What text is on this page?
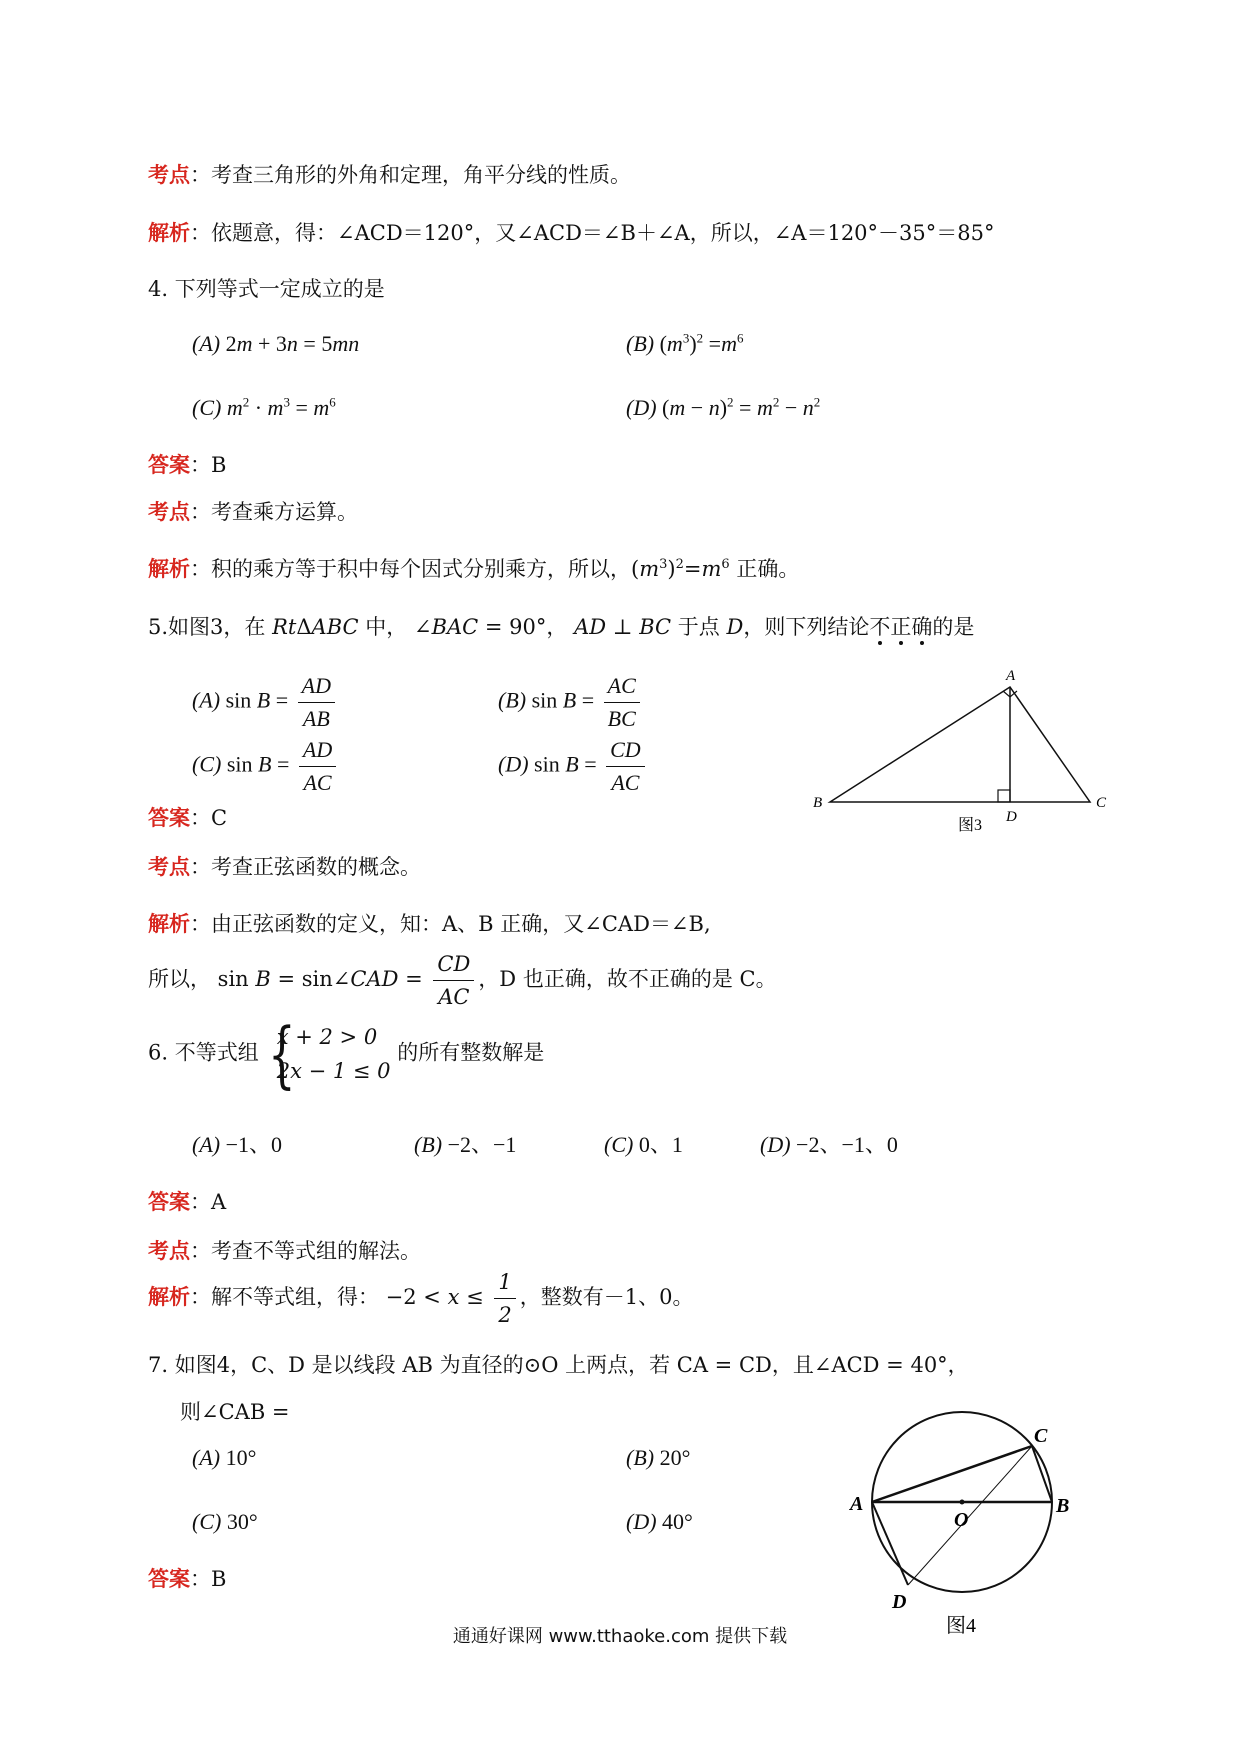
考点：考查三角形的外角和定理，角平分线的性质。
解析：依题意，得：∠ACD＝120°，又∠ACD＝∠B＋∠A，所以，∠A＝120°－35°＝85°
4. 下列等式一定成立的是
(A) 2m + 3n = 5mn	(B) $(m^3)^2 =m^6$
(C) $m^2 \cdot m^3 = m^6$	(D) $(m - n)^2 = m^2 - n^2$
答案：B
考点：考查乘方运算。
解析：积的乘方等于积中每个因式分别乘方，所以，$(m^3)^2=m^6$ 正确。
5.如图3，在 RtΔABC 中， ∠BAC = 90°， AD ⊥ BC 于点 D，则下列结论不正确的是
(A) $\sin B = \frac{AD}{AB}$	(B) $\sin B = \frac{AC}{BC}$
(C) $\sin B = \frac{AD}{AC}$	(D) $\sin B = \frac{CD}{AC}$
A
B	C
D
图3
答案：C
考点：考查正弦函数的概念。
解析：由正弦函数的定义，知：A、B 正确，又∠CAD＝∠B,
所以， sin B = sin∠CAD = $\frac{CD}{AC}$ ，D 也正确，故不正确的是 C。
6. 不等式组 {
x + 2 > 0
2x − 1 ≤ 0
的所有整数解是
(A) −1、0	(B) −2、−1	(C) 0、1	(D) −2、−1、0
答案：A
考点：考查不等式组的解法。
解析：解不等式组，得： $-2 < x \le \frac{1}{2}$ ，整数有－1、0。
7. 如图4，C、D 是以线段 AB 为直径的⊙O 上两点，若 CA = CD，且∠ACD = 40°，
则∠CAB =
(A) 10°	(B) 20°
(C) 30°	(D) 40°
答案：B
A	B
C
D
O
图4
通通好课网 www.tthaoke.com 提供下载
